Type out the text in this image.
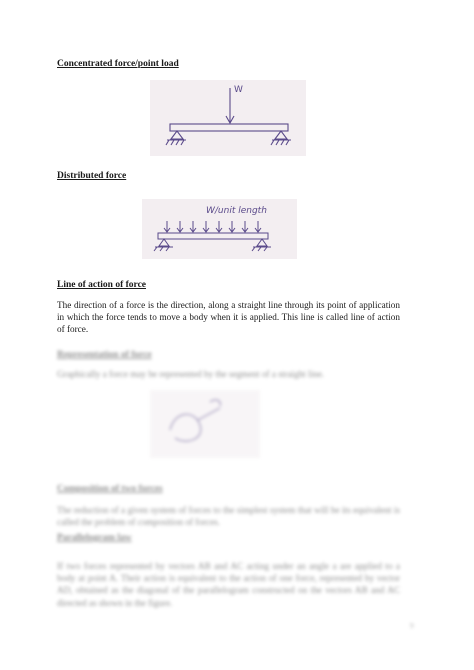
Concentrated force/point load
W
Distributed force
W/unit length
Line of action of force
The direction of a force is the direction, along a straight line through its point of application in which the force tends to move a body when it is applied. This line is called line of action of force.
Representation of force
Graphically a force may be represented by the segment of a straight line.
Composition of two forces
The reduction of a given system of forces to the simplest system that will be its equivalent is called the problem of composition of forces.
Parallelogram law
If two forces represented by vectors AB and AC acting under an angle a are applied to a body at point A. Their action is equivalent to the action of one force, represented by vector AD, obtained as the diagonal of the parallelogram constructed on the vectors AB and AC directed as shown in the figure.
9
